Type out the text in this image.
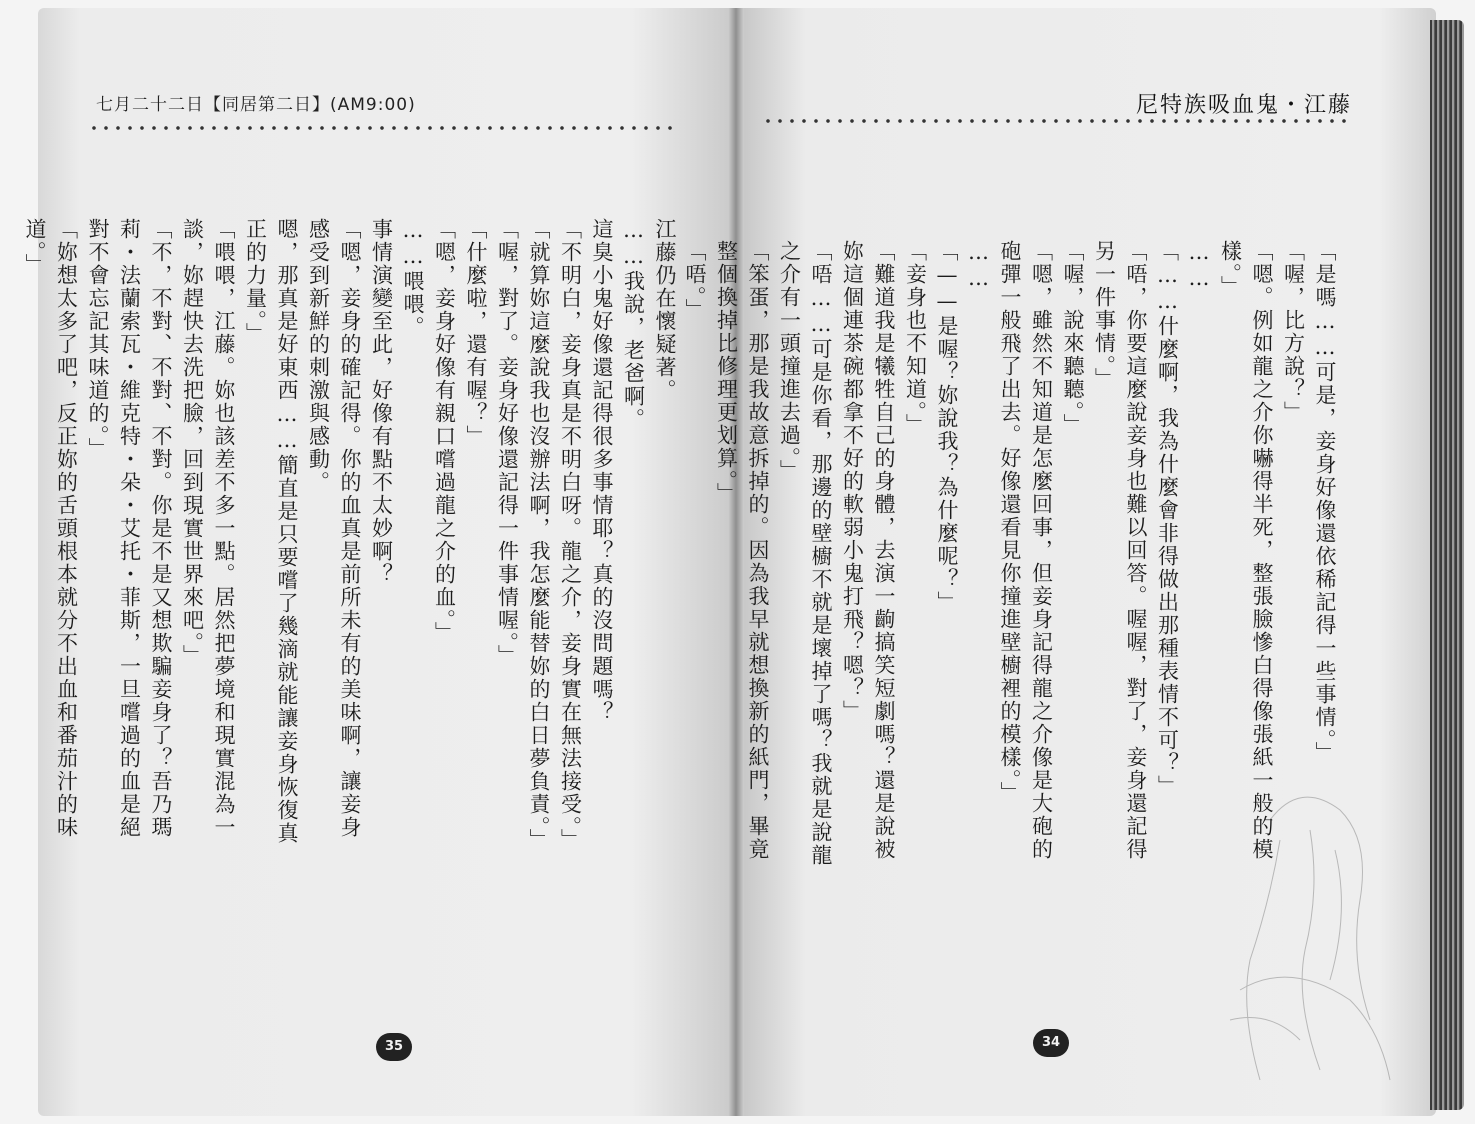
七月二十二日【同居第二日】(AM9:00)	尼特族吸血鬼・江藤

「是嗎……可是，妾身好像還依稀記得一些事情。」

「喔，比方說？」

「嗯。例如龍之介你嚇得半死，整張臉慘白得像張紙一般的模樣。」

……

「……什麼啊，我為什麼會非得做出那種表情不可？」

「唔，你要這麼說妾身也難以回答。喔喔，對了，妾身還記得另一件事情。」

「喔，說來聽聽。」

「嗯，雖然不知道是怎麼回事，但妾身記得龍之介像是大砲的砲彈一般飛了出去。好像還看見你撞進壁櫥裡的模樣。」

……

「——是喔？妳說我？為什麼呢？」

「妾身也不知道。」

「難道我是犧牲自己的身體，去演一齣搞笑短劇嗎？還是說被妳這個連茶碗都拿不好的軟弱小鬼打飛？嗯？」

「唔……可是你看，那邊的壁櫥不就是壞掉了嗎？我就是說龍之介有一頭撞進去過。」

「笨蛋，那是我故意拆掉的。因為我早就想換新的紙門，畢竟整個換掉比修理更划算。」

「唔。」

江藤仍在懷疑著。

……我說，老爸啊。

這臭小鬼好像還記得很多事情耶？真的沒問題嗎？

「不明白，妾身真是不明白呀。龍之介，妾身實在無法接受。」

「就算妳這麼說我也沒辦法啊，我怎麼能替妳的白日夢負責。」

「喔，對了。妾身好像還記得一件事情喔。」

「什麼啦，還有喔？」

「嗯，妾身好像有親口嚐過龍之介的血。」

……喂喂。

事情演變至此，好像有點不太妙啊？

「嗯，妾身的確記得。你的血真是前所未有的美味啊，讓妾身感受到新鮮的刺激與感動。

嗯，那真是好東西……簡直是只要嚐了幾滴就能讓妾身恢復真正的力量。」

「喂喂，江藤。妳也該差不多一點。居然把夢境和現實混為一談，妳趕快去洗把臉，回到現實世界來吧。」

「不，不對、不對、不對。你是不是又想欺騙妾身了？吾乃瑪莉・法蘭索瓦・維克特・朵・艾托・菲斯，一旦嚐過的血是絕對不會忘記其味道的。」

「妳想太多了吧，反正妳的舌頭根本就分不出血和番茄汁的味道。」

35	34
